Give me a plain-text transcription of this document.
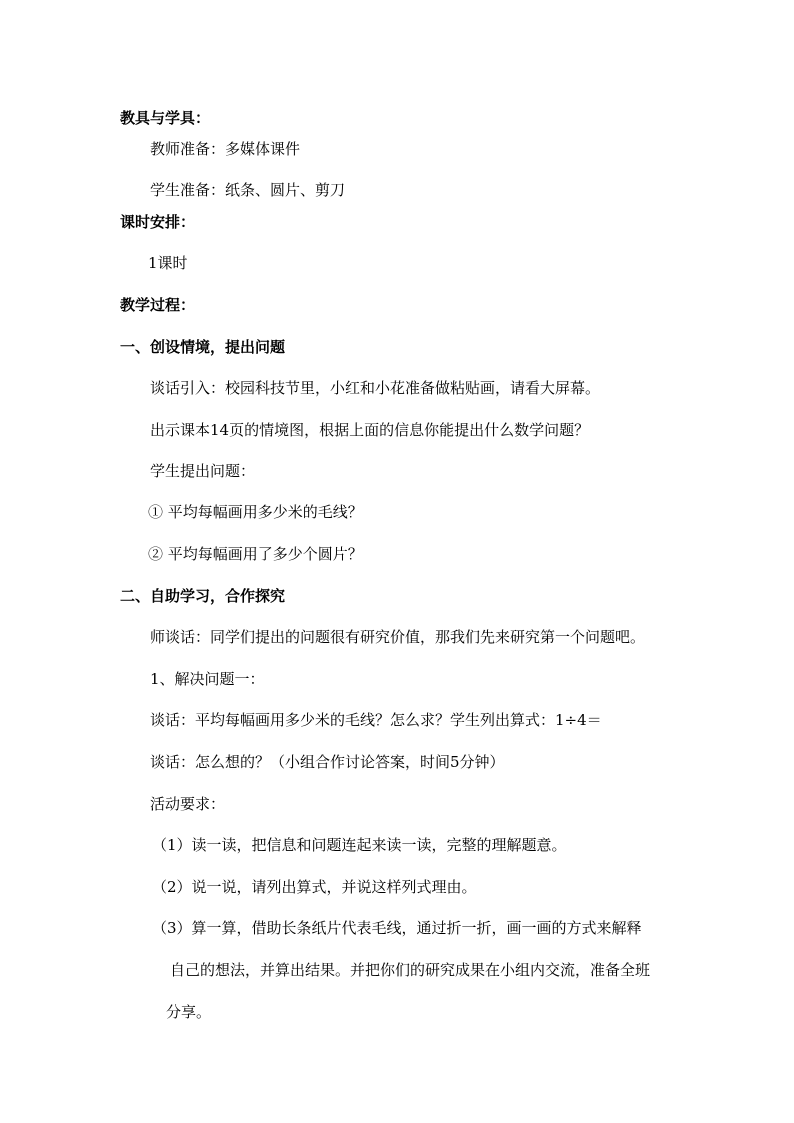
教具与学具：
教师准备：多媒体课件
学生准备：纸条、圆片、剪刀
课时安排：
1课时
教学过程：
一、创设情境，提出问题
谈话引入：校园科技节里，小红和小花准备做粘贴画，请看大屏幕。
出示课本14页的情境图，根据上面的信息你能提出什么数学问题？
学生提出问题：
① 平均每幅画用多少米的毛线？
② 平均每幅画用了多少个圆片？
二、自助学习，合作探究
师谈话：同学们提出的问题很有研究价值，那我们先来研究第一个问题吧。
1、解决问题一：
谈话：平均每幅画用多少米的毛线？怎么求？学生列出算式：1÷4＝
谈话：怎么想的？（小组合作讨论答案，时间5分钟）
活动要求：
（1）读一读，把信息和问题连起来读一读，完整的理解题意。
（2）说一说，请列出算式，并说这样列式理由。
（3）算一算，借助长条纸片代表毛线，通过折一折，画一画的方式来解释
自己的想法，并算出结果。并把你们的研究成果在小组内交流，准备全班
分享。
